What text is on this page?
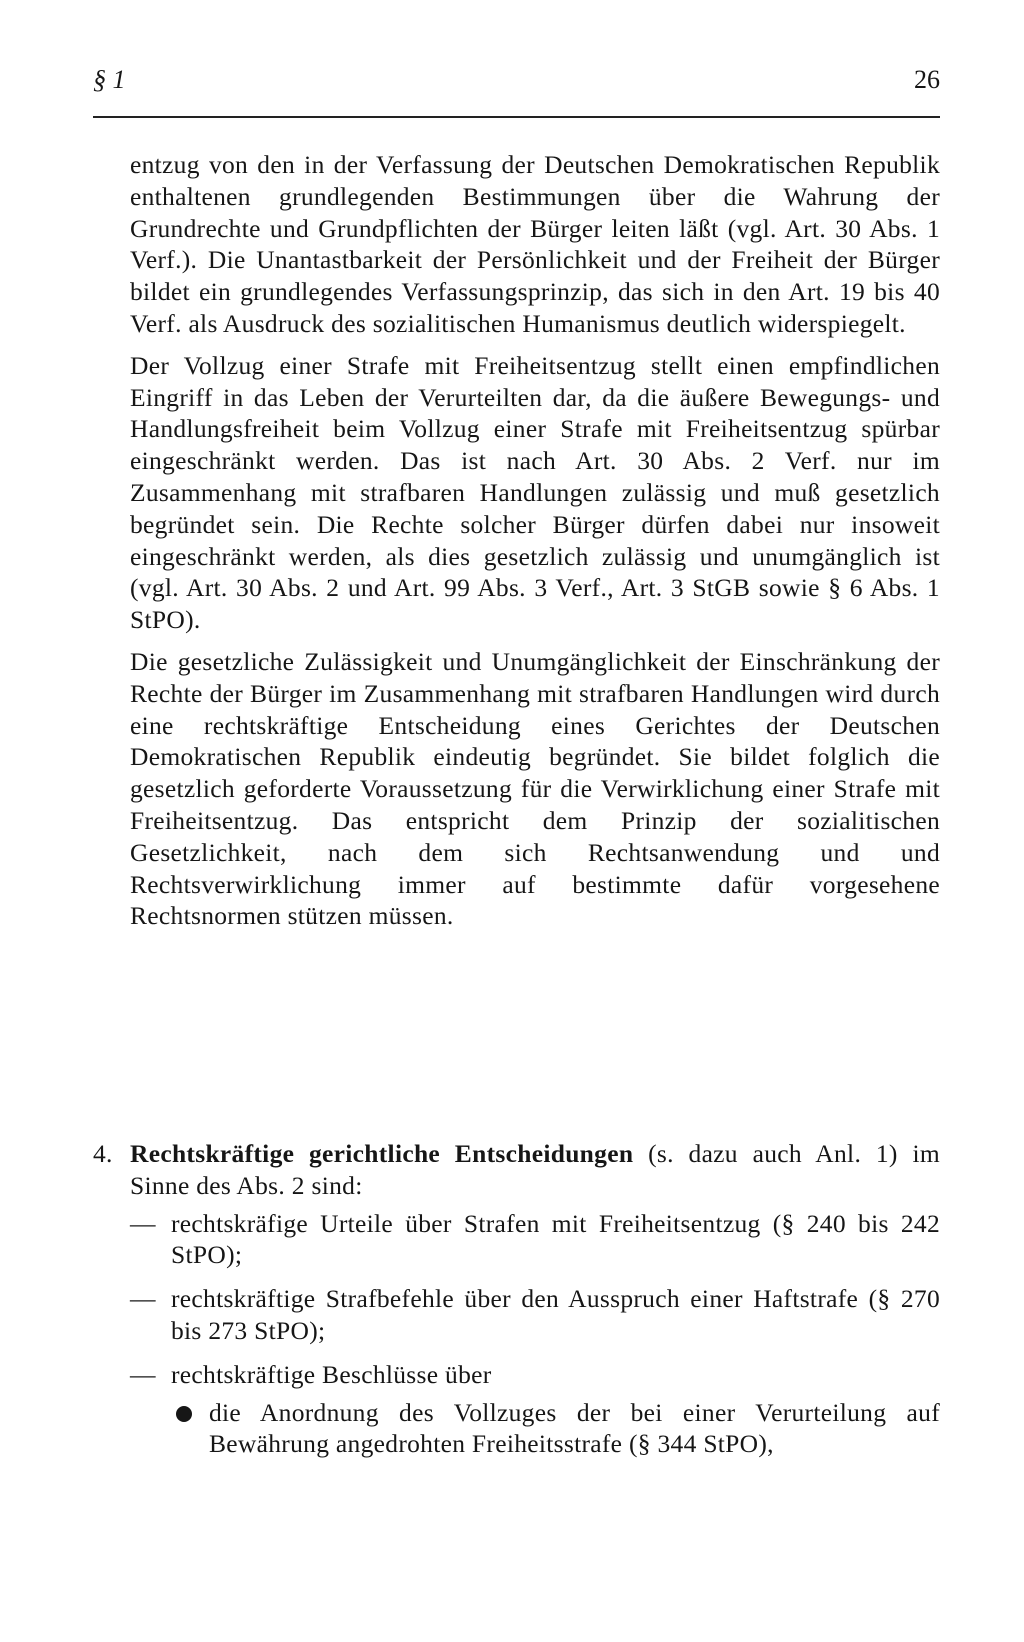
§ 1	26

entzug von den in der Verfassung der Deutschen Demokratischen Republik enthaltenen grundlegenden Bestimmungen über die Wahrung der Grundrechte und Grundpflichten der Bürger leiten läßt (vgl. Art. 30 Abs. 1 Verf.). Die Unantastbarkeit der Persönlichkeit und der Freiheit der Bürger bildet ein grundlegendes Verfassungsprinzip, das sich in den Art. 19 bis 40 Verf. als Ausdruck des sozialitischen Humanismus deutlich widerspiegelt.

Der Vollzug einer Strafe mit Freiheitsentzug stellt einen empfindlichen Eingriff in das Leben der Verurteilten dar, da die äußere Bewegungs- und Handlungsfreiheit beim Vollzug einer Strafe mit Freiheitsentzug spürbar eingeschränkt werden. Das ist nach Art. 30 Abs. 2 Verf. nur im Zusammenhang mit strafbaren Handlungen zulässig und muß gesetzlich begründet sein. Die Rechte solcher Bürger dürfen dabei nur insoweit eingeschränkt werden, als dies gesetzlich zulässig und unumgänglich ist (vgl. Art. 30 Abs. 2 und Art. 99 Abs. 3 Verf., Art. 3 StGB sowie § 6 Abs. 1 StPO).

Die gesetzliche Zulässigkeit und Unumgänglichkeit der Einschränkung der Rechte der Bürger im Zusammenhang mit strafbaren Handlungen wird durch eine rechtskräftige Entscheidung eines Gerichtes der Deutschen Demokratischen Republik eindeutig begründet. Sie bildet folglich die gesetzlich geforderte Voraussetzung für die Verwirklichung einer Strafe mit Freiheitsentzug. Das entspricht dem Prinzip der sozialitischen Gesetzlichkeit, nach dem sich Rechtsanwendung und und Rechtsverwirklichung immer auf bestimmte dafür vorgesehene Rechtsnormen stützen müssen.

4. Rechtskräftige gerichtliche Entscheidungen (s. dazu auch Anl. 1) im Sinne des Abs. 2 sind:
— rechtskräfige Urteile über Strafen mit Freiheitsentzug (§ 240 bis 242 StPO);
— rechtskräftige Strafbefehle über den Ausspruch einer Haftstrafe (§ 270 bis 273 StPO);
— rechtskräftige Beschlüsse über
die Anordnung des Vollzuges der bei einer Verurteilung auf Bewährung angedrohten Freiheitsstrafe (§ 344 StPO),
